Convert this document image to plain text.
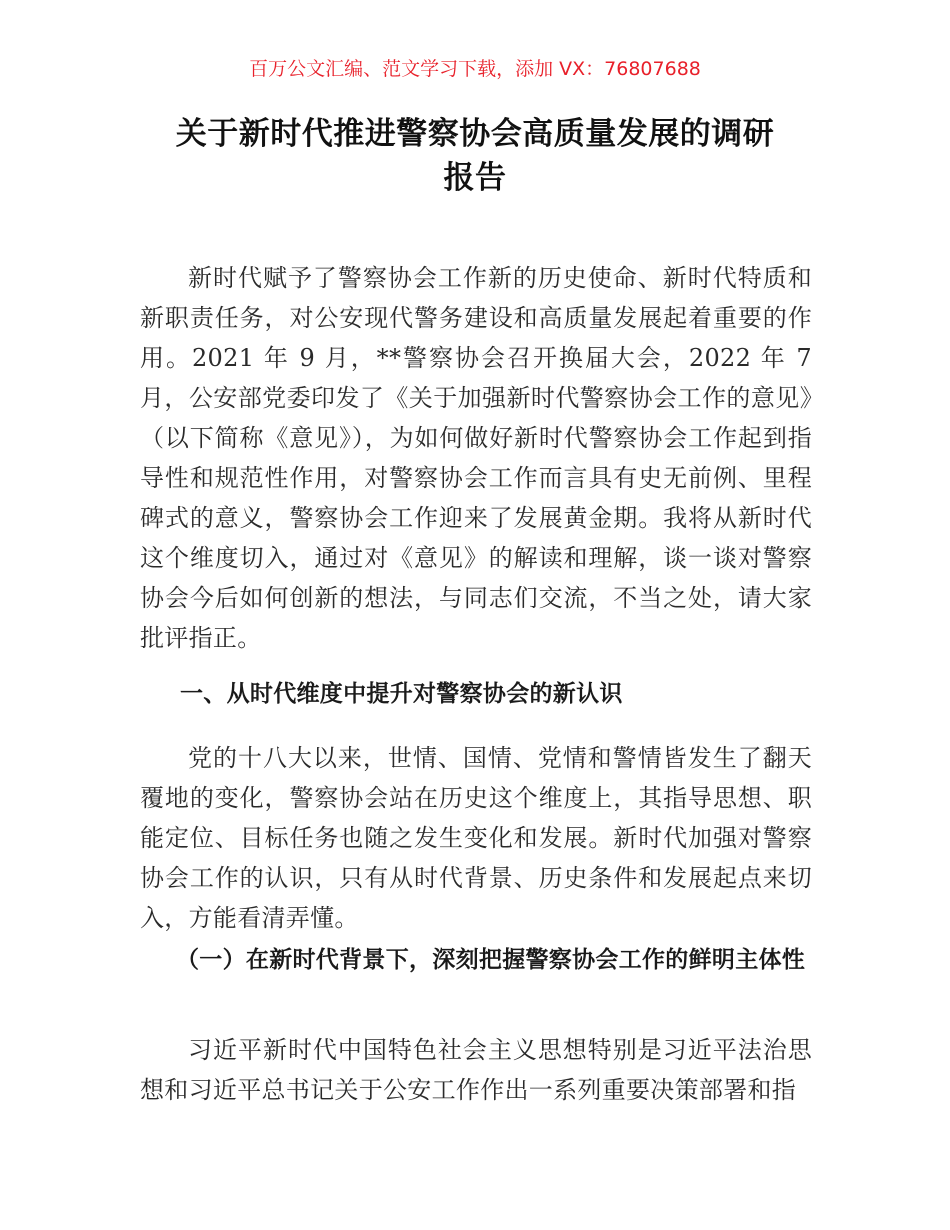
百万公文汇编、范文学习下载，添加 VX：76807688
关于新时代推进警察协会高质量发展的调研
报告

新时代赋予了警察协会工作新的历史使命、新时代特质和新职责任务，对公安现代警务建设和高质量发展起着重要的作用。2021 年 9 月，**警察协会召开换届大会，2022 年 7 月，公安部党委印发了《关于加强新时代警察协会工作的意见》（以下简称《意见》），为如何做好新时代警察协会工作起到指导性和规范性作用，对警察协会工作而言具有史无前例、里程碑式的意义，警察协会工作迎来了发展黄金期。我将从新时代这个维度切入，通过对《意见》的解读和理解，谈一谈对警察协会今后如何创新的想法，与同志们交流，不当之处，请大家批评指正。

一、从时代维度中提升对警察协会的新认识

党的十八大以来，世情、国情、党情和警情皆发生了翻天覆地的变化，警察协会站在历史这个维度上，其指导思想、职能定位、目标任务也随之发生变化和发展。新时代加强对警察协会工作的认识，只有从时代背景、历史条件和发展起点来切入，方能看清弄懂。

（一）在新时代背景下，深刻把握警察协会工作的鲜明主体性

习近平新时代中国特色社会主义思想特别是习近平法治思想和习近平总书记关于公安工作作出一系列重要决策部署和指
